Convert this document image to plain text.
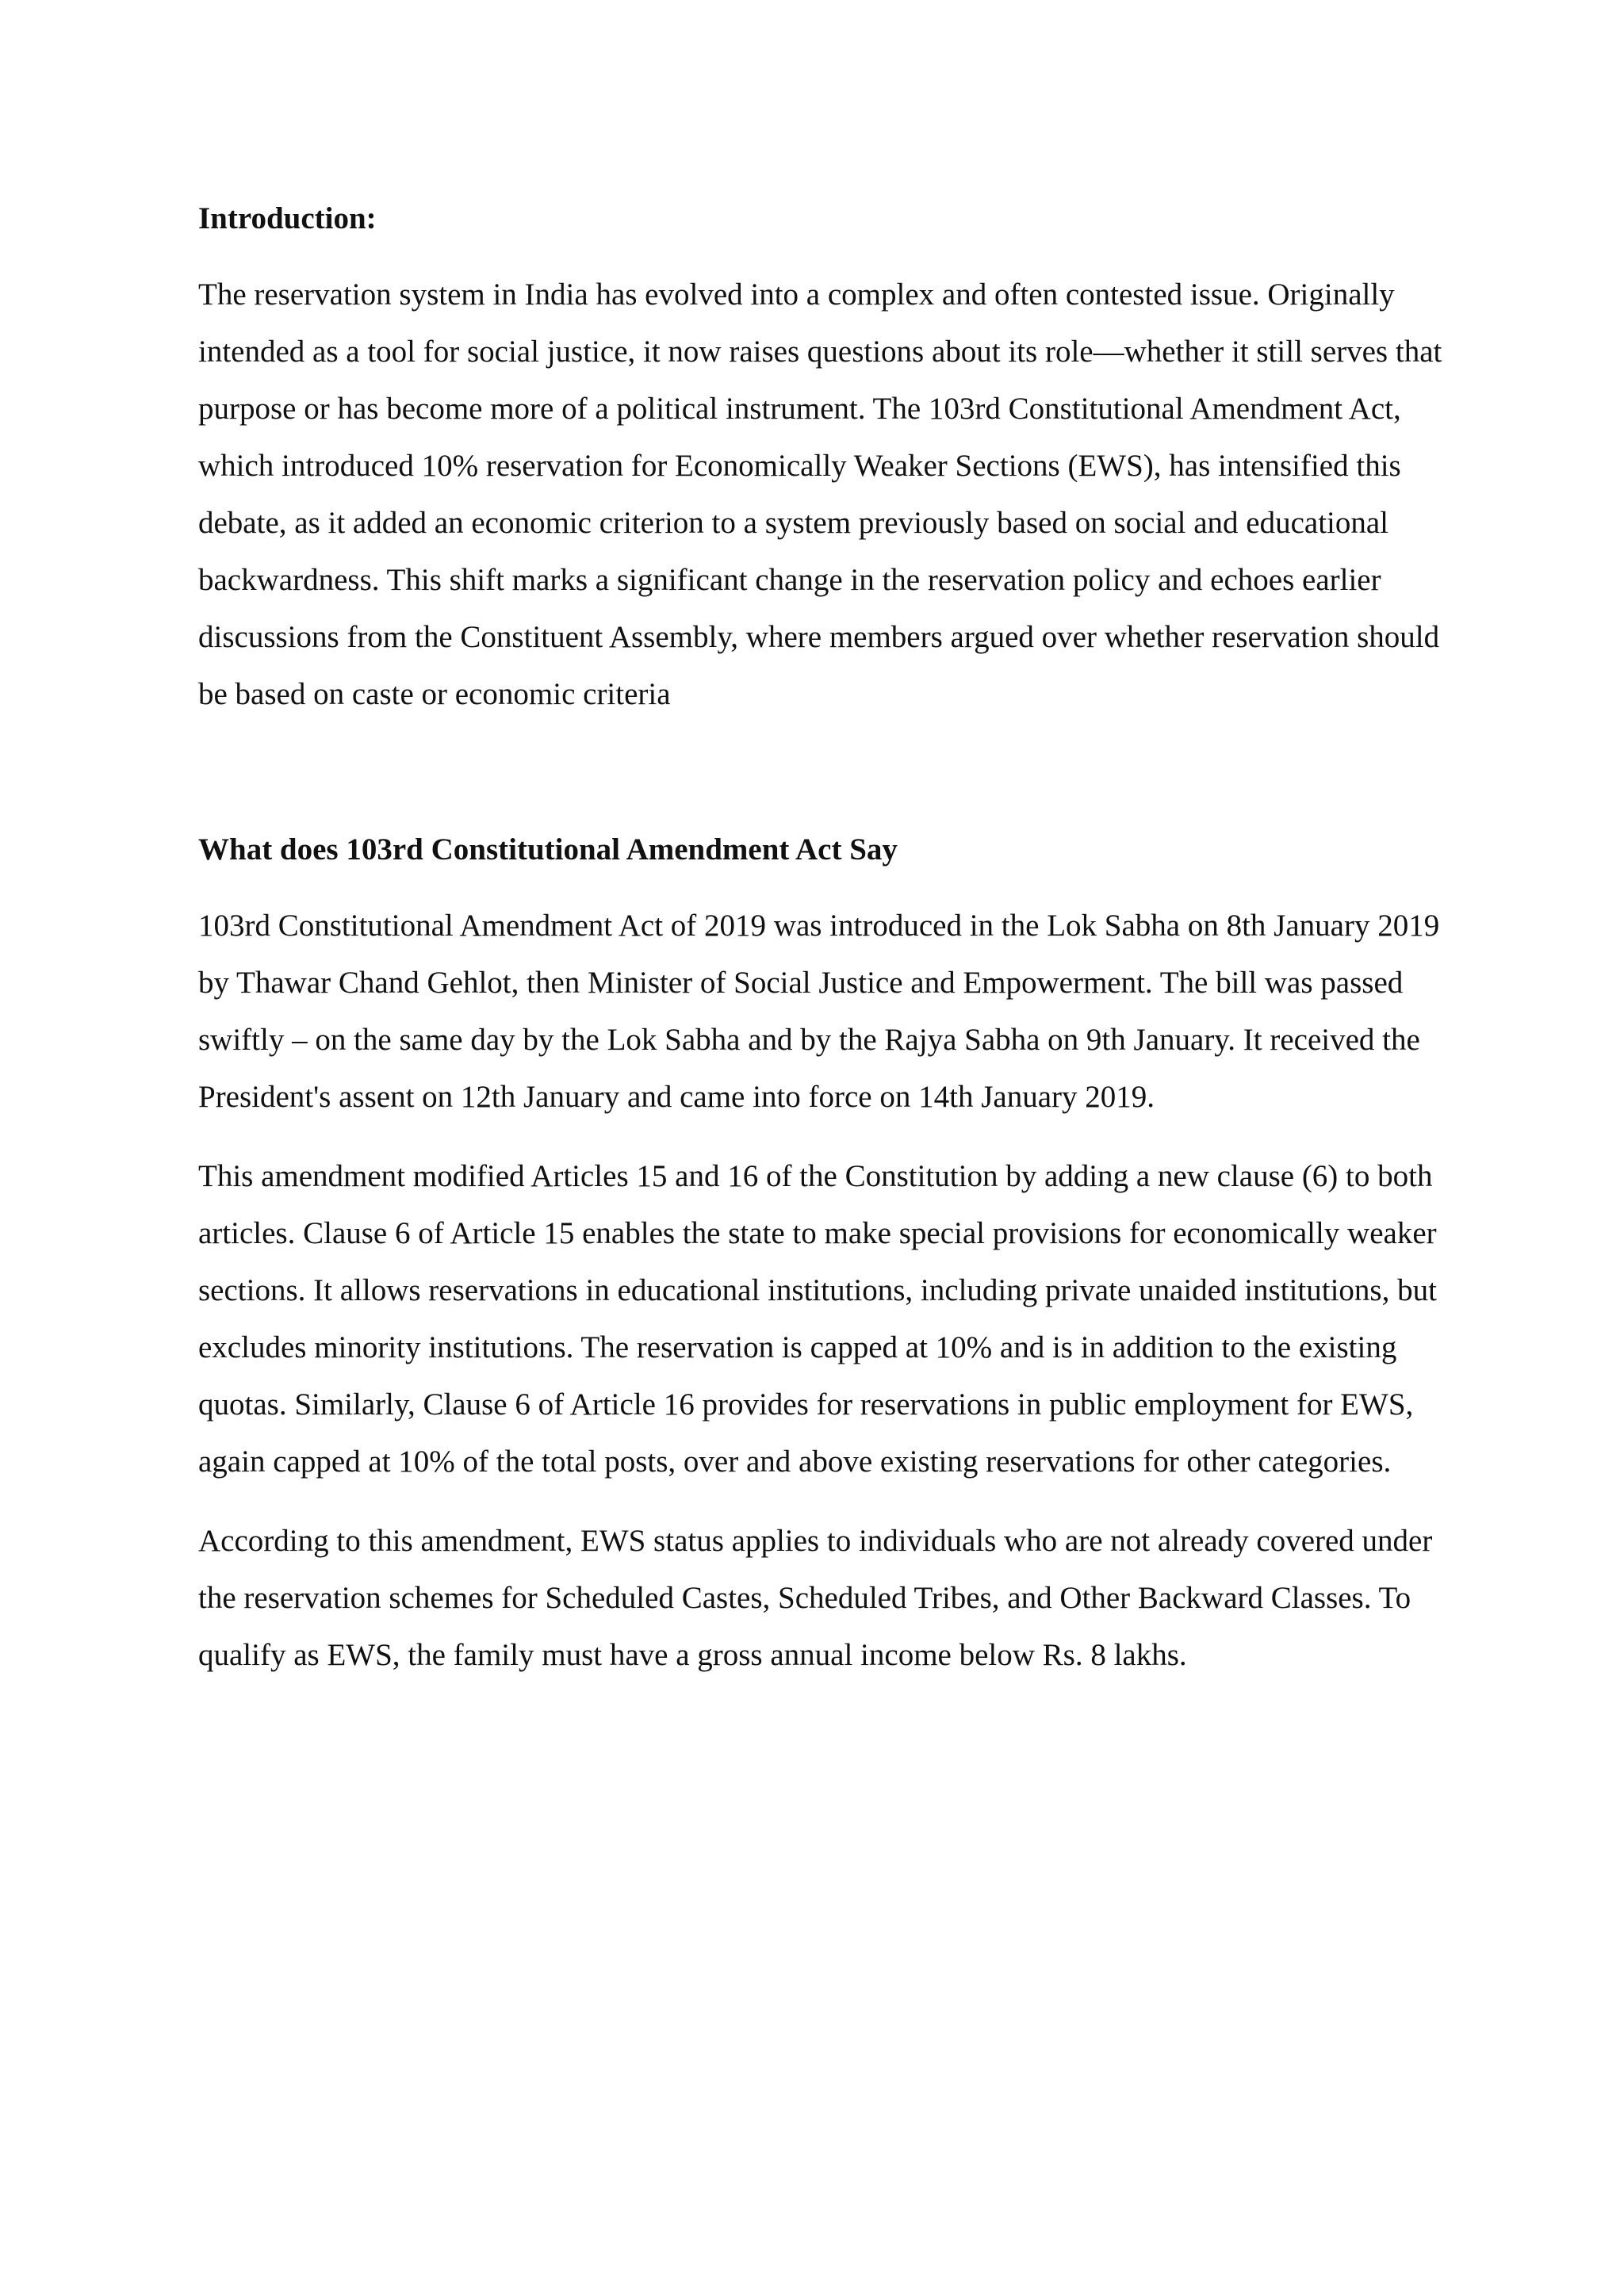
Introduction:

The reservation system in India has evolved into a complex and often contested issue. Originally intended as a tool for social justice, it now raises questions about its role—whether it still serves that purpose or has become more of a political instrument. The 103rd Constitutional Amendment Act, which introduced 10% reservation for Economically Weaker Sections (EWS), has intensified this debate, as it added an economic criterion to a system previously based on social and educational backwardness. This shift marks a significant change in the reservation policy and echoes earlier discussions from the Constituent Assembly, where members argued over whether reservation should be based on caste or economic criteria

What does 103rd Constitutional Amendment Act Say

103rd Constitutional Amendment Act of 2019 was introduced in the Lok Sabha on 8th January 2019 by Thawar Chand Gehlot, then Minister of Social Justice and Empowerment. The bill was passed swiftly – on the same day by the Lok Sabha and by the Rajya Sabha on 9th January. It received the President's assent on 12th January and came into force on 14th January 2019.

This amendment modified Articles 15 and 16 of the Constitution by adding a new clause (6) to both articles. Clause 6 of Article 15 enables the state to make special provisions for economically weaker sections. It allows reservations in educational institutions, including private unaided institutions, but excludes minority institutions. The reservation is capped at 10% and is in addition to the existing quotas. Similarly, Clause 6 of Article 16 provides for reservations in public employment for EWS, again capped at 10% of the total posts, over and above existing reservations for other categories.

According to this amendment, EWS status applies to individuals who are not already covered under the reservation schemes for Scheduled Castes, Scheduled Tribes, and Other Backward Classes. To qualify as EWS, the family must have a gross annual income below Rs. 8 lakhs.
